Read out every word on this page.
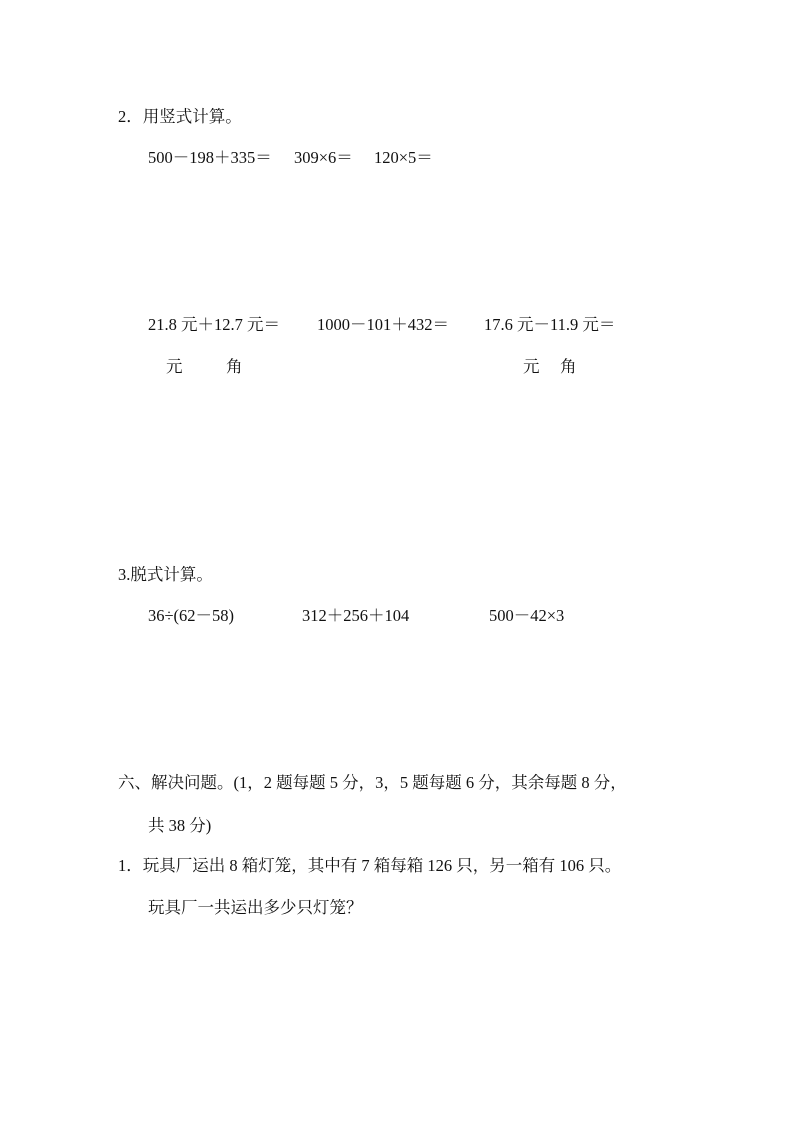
2．用竖式计算。
500－198＋335＝ 309×6＝ 120×5＝
21.8 元＋12.7 元＝ 1000－101＋432＝ 17.6 元－11.9 元＝
元	角	元 角
3.脱式计算。
36÷(62－58)	312＋256＋104	500－42×3
六、解决问题。(1，2 题每题 5 分，3，5 题每题 6 分，其余每题 8 分，
共 38 分)
1．玩具厂运出 8 箱灯笼，其中有 7 箱每箱 126 只，另一箱有 106 只。
玩具厂一共运出多少只灯笼？
